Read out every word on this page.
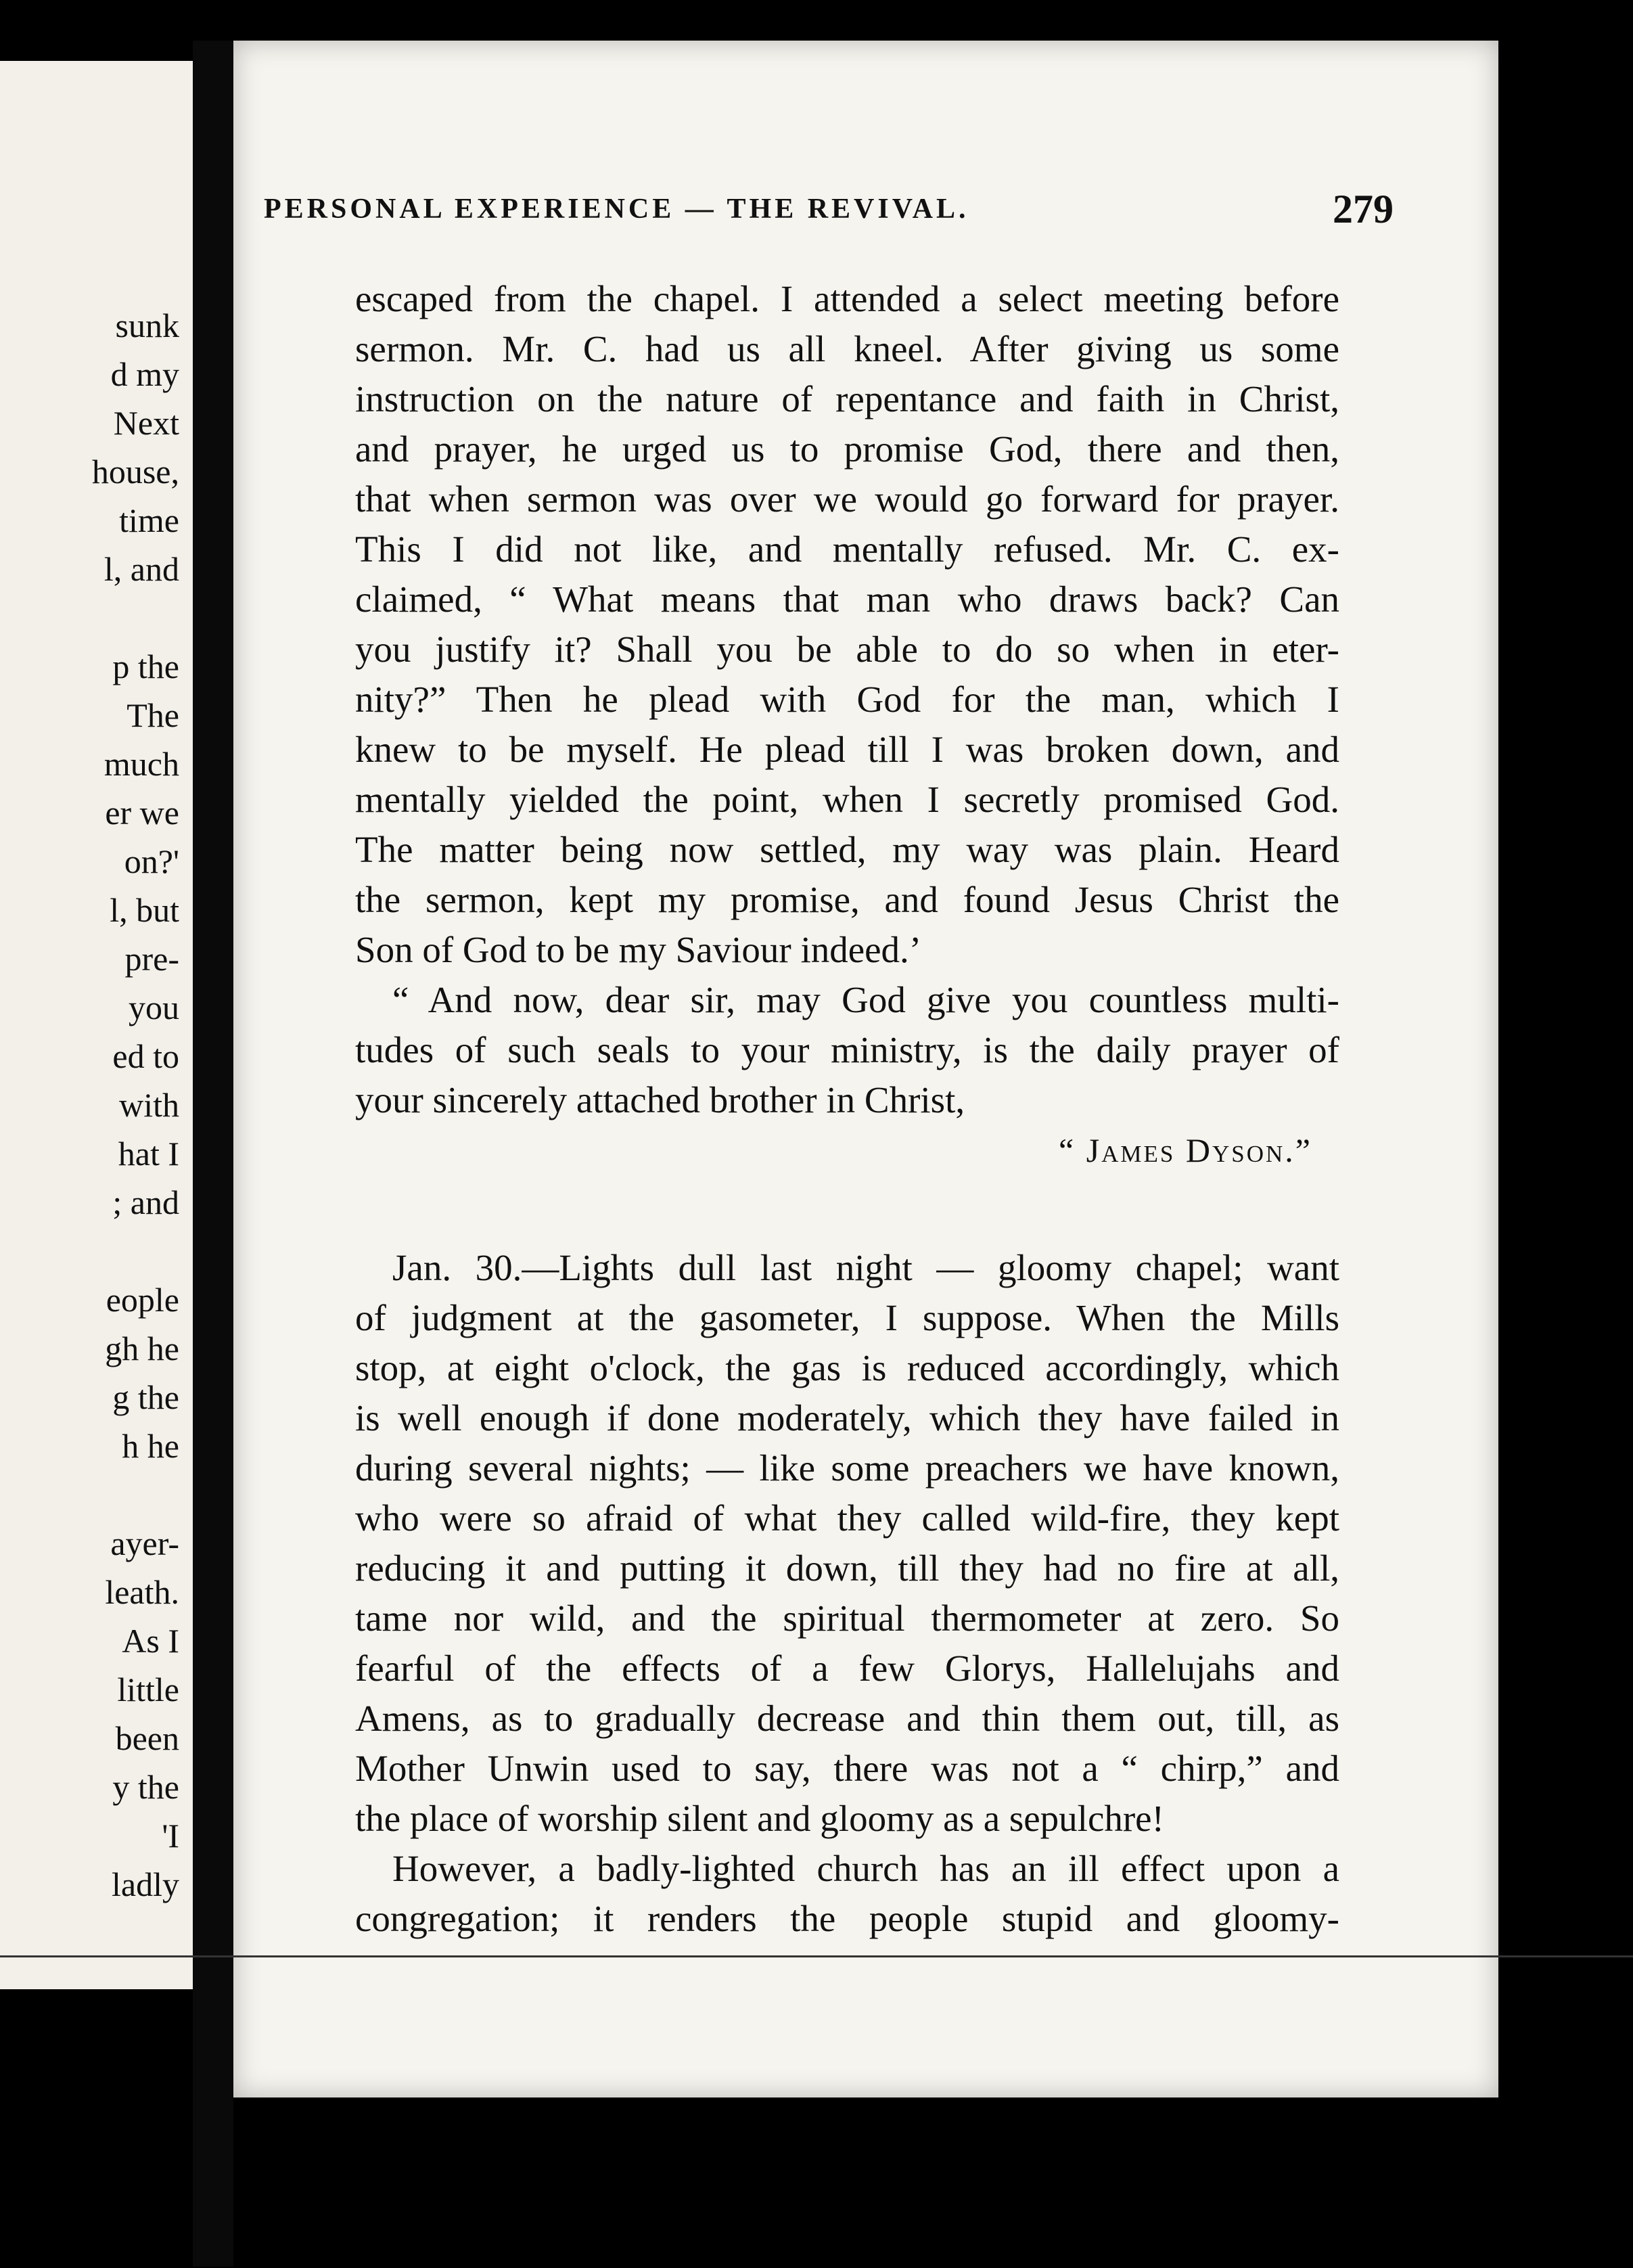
sunk
d my
Next
house,
time
l, and
p the
The
much
er we
on?'
l, but
pre-
you
ed to
with
hat I
; and
eople
gh he
g the
h he
ayer-
leath.
As I
little
been
y the
'I
ladly
PERSONAL EXPERIENCE — THE REVIVAL.	279
escaped from the chapel. I attended a select meeting before
sermon. Mr. C. had us all kneel. After giving us some
instruction on the nature of repentance and faith in Christ,
and prayer, he urged us to promise God, there and then,
that when sermon was over we would go forward for prayer.
This I did not like, and mentally refused. Mr. C. ex-
claimed, “ What means that man who draws back? Can
you justify it? Shall you be able to do so when in eter-
nity?” Then he plead with God for the man, which I
knew to be myself. He plead till I was broken down, and
mentally yielded the point, when I secretly promised God.
The matter being now settled, my way was plain. Heard
the sermon, kept my promise, and found Jesus Christ the
Son of God to be my Saviour indeed.’
“ And now, dear sir, may God give you countless multi-
tudes of such seals to your ministry, is the daily prayer of
your sincerely attached brother in Christ,
“ James Dyson.”
Jan. 30.—Lights dull last night — gloomy chapel; want
of judgment at the gasometer, I suppose. When the Mills
stop, at eight o'clock, the gas is reduced accordingly, which
is well enough if done moderately, which they have failed in
during several nights; — like some preachers we have known,
who were so afraid of what they called wild-fire, they kept
reducing it and putting it down, till they had no fire at all,
tame nor wild, and the spiritual thermometer at zero. So
fearful of the effects of a few Glorys, Hallelujahs and
Amens, as to gradually decrease and thin them out, till, as
Mother Unwin used to say, there was not a “ chirp,” and
the place of worship silent and gloomy as a sepulchre!
However, a badly-lighted church has an ill effect upon a
congregation; it renders the people stupid and gloomy-
